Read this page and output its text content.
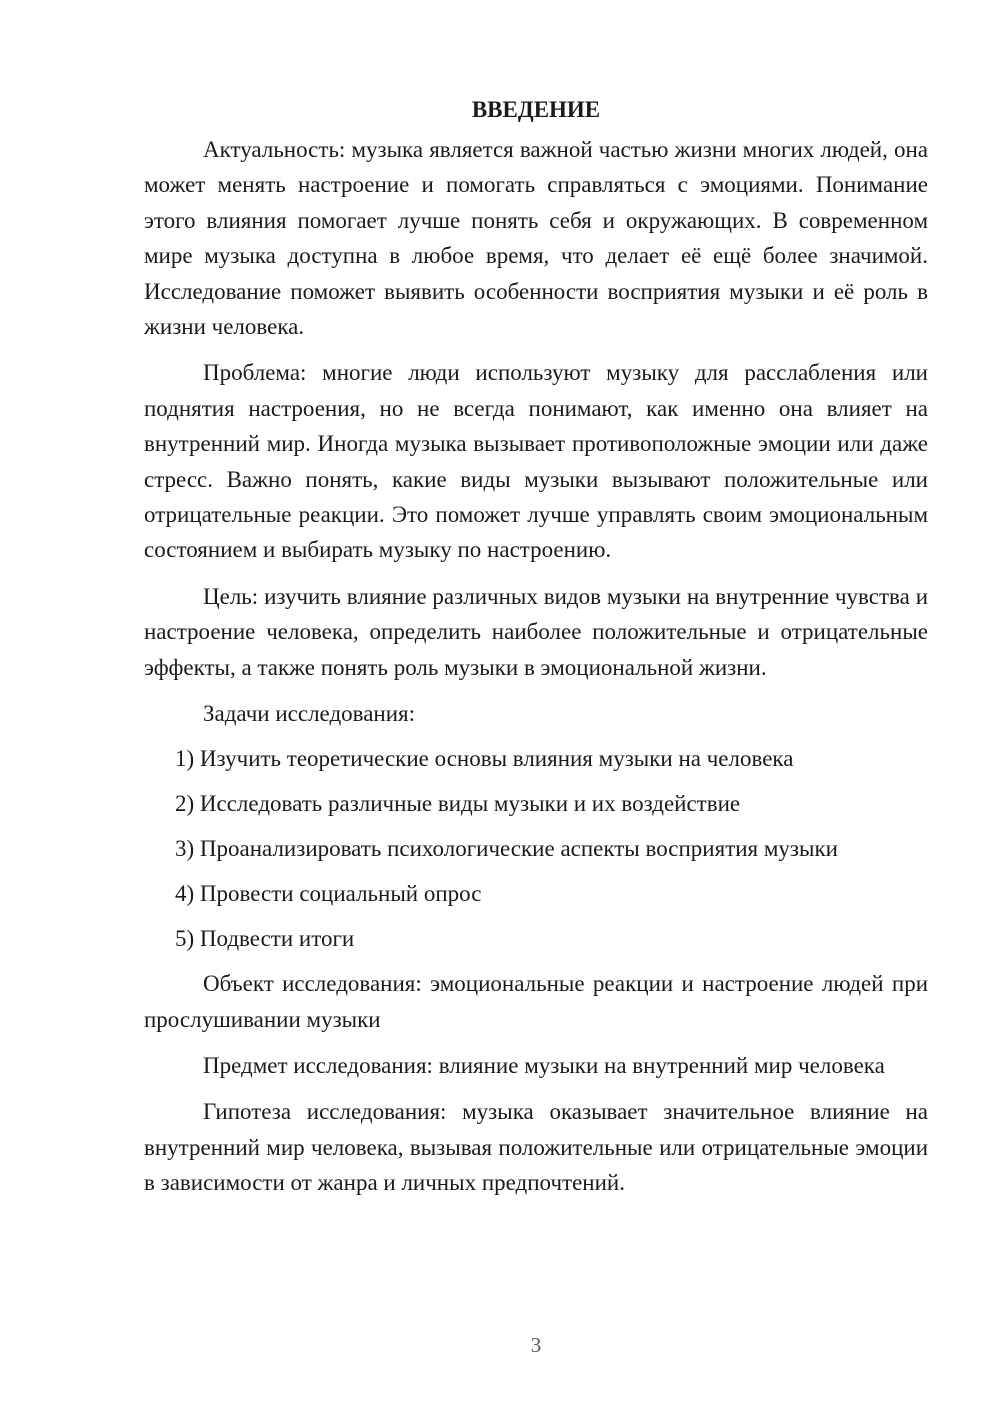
ВВЕДЕНИЕ

Актуальность: музыка является важной частью жизни многих людей, она может менять настроение и помогать справляться с эмоциями. Понимание этого влияния помогает лучше понять себя и окружающих. В современном мире музыка доступна в любое время, что делает её ещё более значимой. Исследование поможет выявить особенности восприятия музыки и её роль в жизни человека.

Проблема: многие люди используют музыку для расслабления или поднятия настроения, но не всегда понимают, как именно она влияет на внутренний мир. Иногда музыка вызывает противоположные эмоции или даже стресс. Важно понять, какие виды музыки вызывают положительные или отрицательные реакции. Это поможет лучше управлять своим эмоциональным состоянием и выбирать музыку по настроению.

Цель: изучить влияние различных видов музыки на внутренние чувства и настроение человека, определить наиболее положительные и отрицательные эффекты, а также понять роль музыки в эмоциональной жизни.

Задачи исследования:

1) Изучить теоретические основы влияния музыки на человека
2) Исследовать различные виды музыки и их воздействие
3) Проанализировать психологические аспекты восприятия музыки
4) Провести социальный опрос
5) Подвести итоги

Объект исследования: эмоциональные реакции и настроение людей при прослушивании музыки

Предмет исследования: влияние музыки на внутренний мир человека

Гипотеза исследования: музыка оказывает значительное влияние на внутренний мир человека, вызывая положительные или отрицательные эмоции в зависимости от жанра и личных предпочтений.

3
